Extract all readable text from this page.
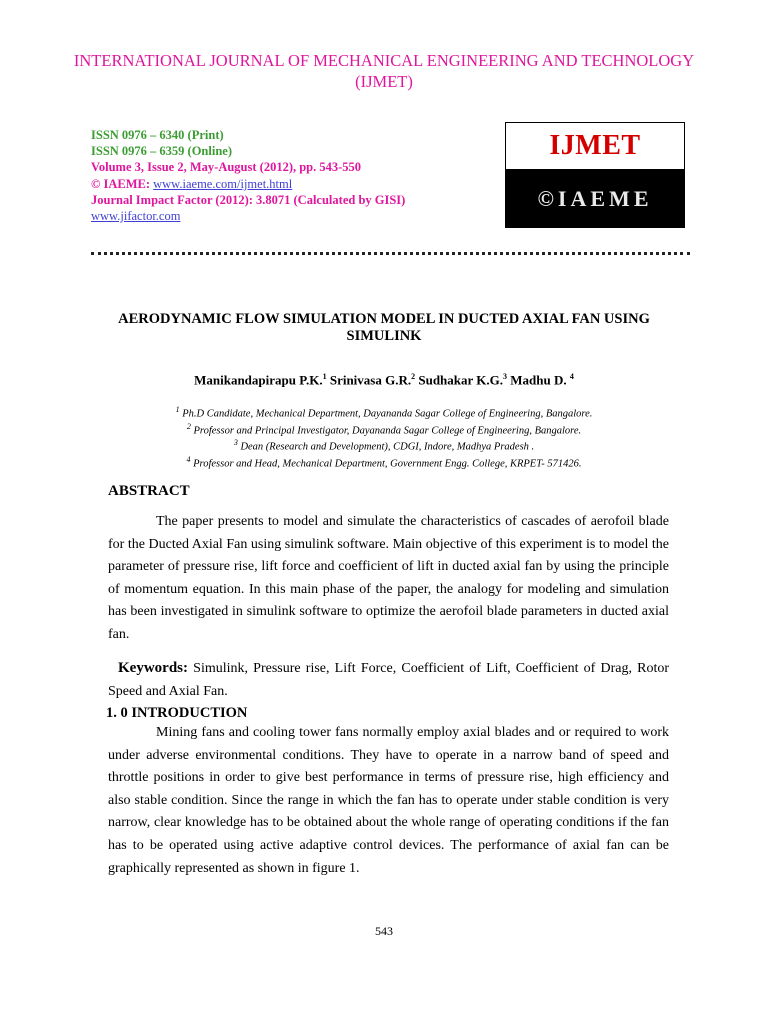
INTERNATIONAL JOURNAL OF MECHANICAL ENGINEERING AND TECHNOLOGY (IJMET)
ISSN 0976 – 6340 (Print)
ISSN 0976 – 6359 (Online)
Volume 3, Issue 2, May-August (2012), pp. 543-550
© IAEME: www.iaeme.com/ijmet.html
Journal Impact Factor (2012): 3.8071 (Calculated by GISI)
www.jifactor.com
IJMET
©IAEME
AERODYNAMIC FLOW SIMULATION MODEL IN DUCTED AXIAL FAN USING SIMULINK
Manikandapirapu P.K.$^1$ Srinivasa G.R.$^2$ Sudhakar K.G.$^3$ Madhu D. $^4$
$^1$ Ph.D Candidate, Mechanical Department, Dayananda Sagar College of Engineering, Bangalore.
$^2$ Professor and Principal Investigator, Dayananda Sagar College of Engineering, Bangalore.
$^3$ Dean (Research and Development), CDGI, Indore, Madhya Pradesh .
$^4$ Professor and Head, Mechanical Department, Government Engg. College, KRPET- 571426.
ABSTRACT

The paper presents to model and simulate the characteristics of cascades of aerofoil blade for the Ducted Axial Fan using simulink software. Main objective of this experiment is to model the parameter of pressure rise, lift force and coefficient of lift in ducted axial fan by using the principle of momentum equation. In this main phase of the paper, the analogy for modeling and simulation has been investigated in simulink software to optimize the aerofoil blade parameters in ducted axial fan.

Keywords: Simulink, Pressure rise, Lift Force, Coefficient of Lift, Coefficient of Drag, Rotor Speed and Axial Fan.

1. 0 INTRODUCTION

Mining fans and cooling tower fans normally employ axial blades and or required to work under adverse environmental conditions. They have to operate in a narrow band of speed and throttle positions in order to give best performance in terms of pressure rise, high efficiency and also stable condition. Since the range in which the fan has to operate under stable condition is very narrow, clear knowledge has to be obtained about the whole range of operating conditions if the fan has to be operated using active adaptive control devices. The performance of axial fan can be graphically represented as shown in figure 1.

543
